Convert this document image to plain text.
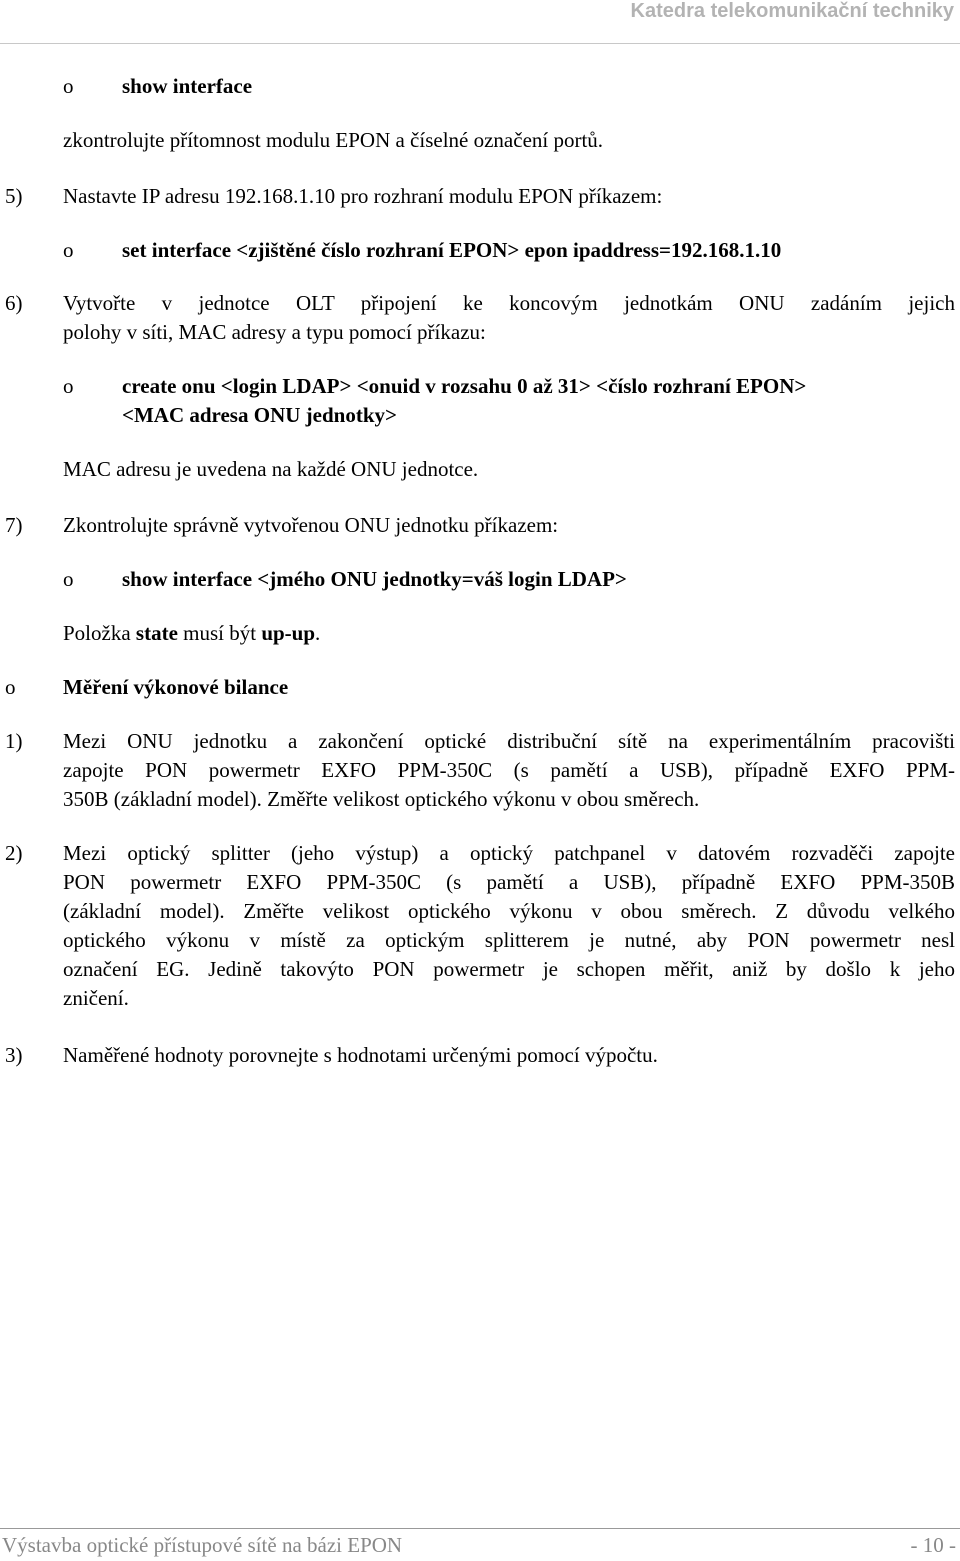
Katedra telekomunikační techniky
o show interface
zkontrolujte přítomnost modulu EPON a číselné označení portů.
5) Nastavte IP adresu 192.168.1.10 pro rozhraní modulu EPON příkazem:
o set interface <zjištěné číslo rozhraní EPON> epon ipaddress=192.168.1.10
6) Vytvořte v jednotce OLT připojení ke koncovým jednotkám ONU zadáním jejich
polohy v síti, MAC adresy a typu pomocí příkazu:
o create onu <login LDAP> <onuid v rozsahu 0 až 31> <číslo rozhraní EPON>
<MAC adresa ONU jednotky>
MAC adresu je uvedena na každé ONU jednotce.
7) Zkontrolujte správně vytvořenou ONU jednotku příkazem:
o show interface <jmého ONU jednotky=váš login LDAP>
Položka state musí být up-up.
o Měření výkonové bilance
1) Mezi ONU jednotku a zakončení optické distribuční sítě na experimentálním pracovišti
zapojte PON powermetr EXFO PPM-350C (s pamětí a USB), případně EXFO PPM-
350B (základní model). Změřte velikost optického výkonu v obou směrech.
2) Mezi optický splitter (jeho výstup) a optický patchpanel v datovém rozvaděči zapojte
PON powermetr EXFO PPM-350C (s pamětí a USB), případně EXFO PPM-350B
(základní model). Změřte velikost optického výkonu v obou směrech. Z důvodu velkého
optického výkonu v místě za optickým splitterem je nutné, aby PON powermetr nesl
označení EG. Jedině takovýto PON powermetr je schopen měřit, aniž by došlo k jeho
zničení.
3) Naměřené hodnoty porovnejte s hodnotami určenými pomocí výpočtu.
Výstavba optické přístupové sítě na bázi EPON	- 10 -
